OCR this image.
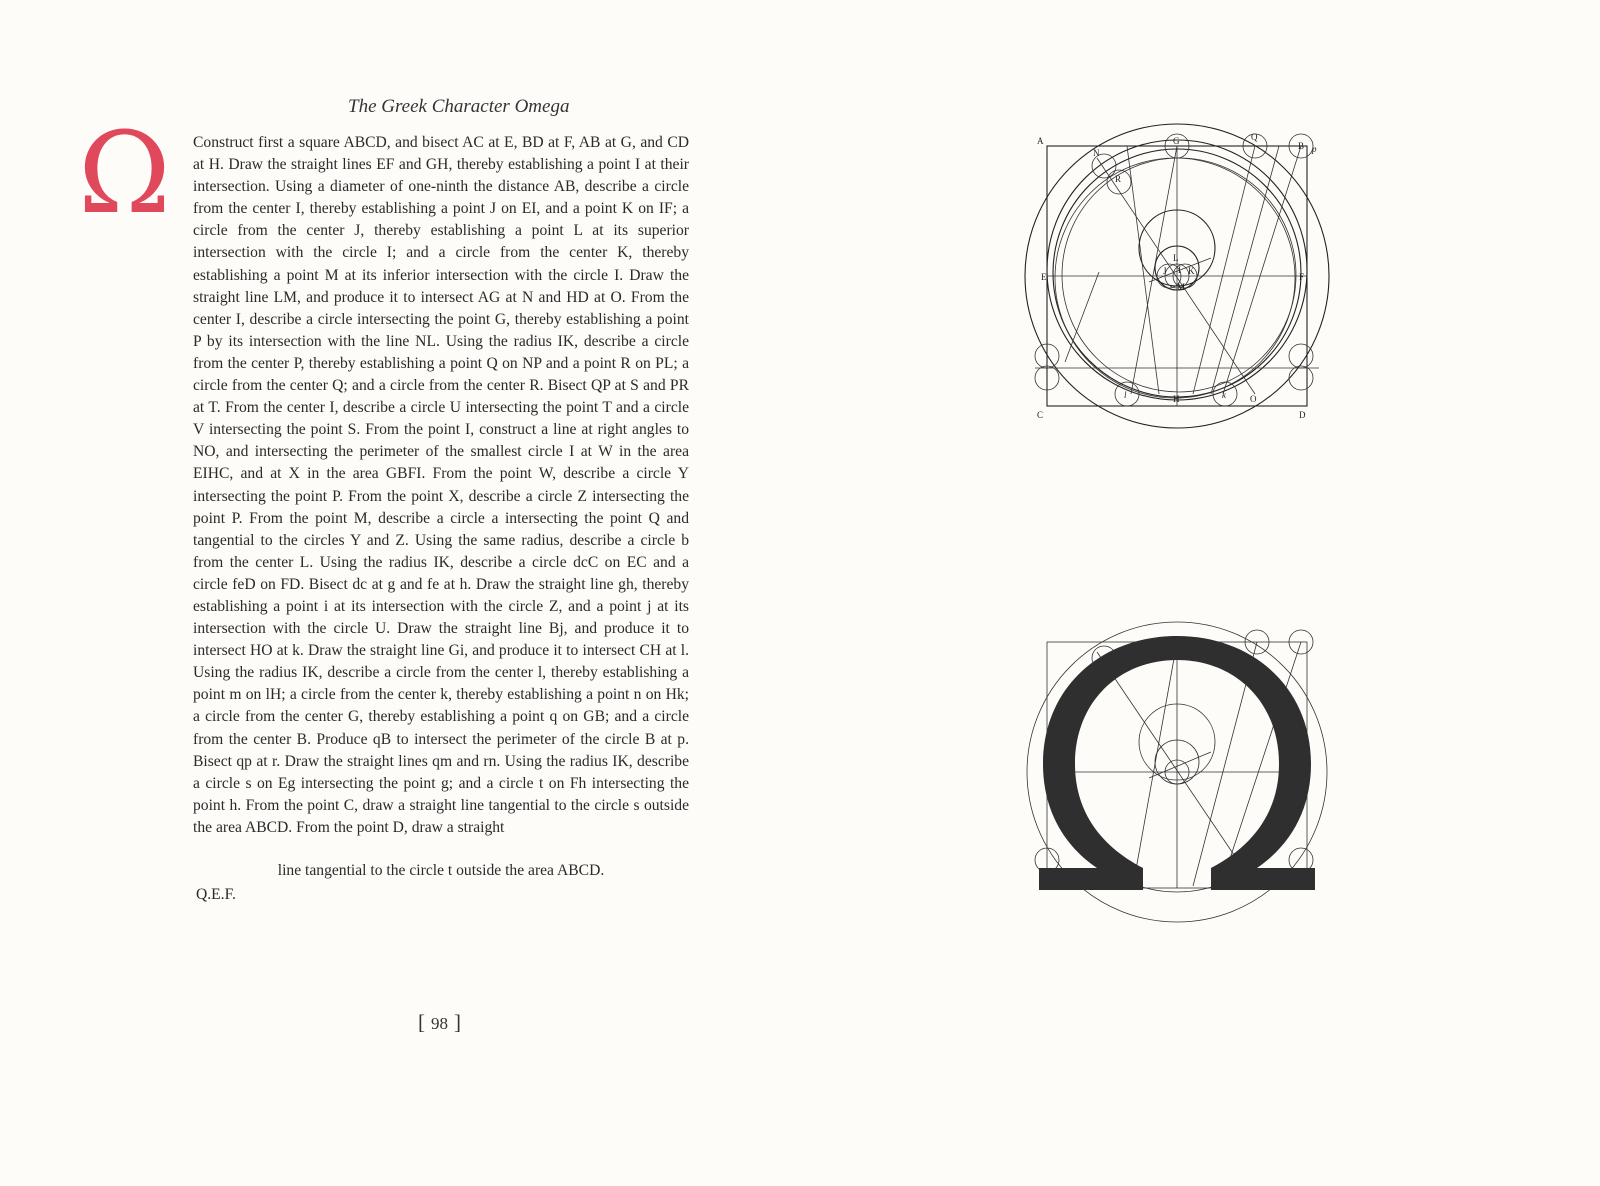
The Greek Character Omega
Ω Construct first a square ABCD, and bisect AC at E, BD at F, AB at G, and CD at H. Draw the straight lines EF and GH, thereby establishing a point I at their intersection. Using a diameter of one-ninth the distance AB, describe a circle from the center I, thereby establishing a point J on EI, and a point K on IF; a circle from the center J, thereby establishing a point L at its superior intersection with the circle I; and a circle from the center K, thereby establishing a point M at its inferior intersection with the circle I. Draw the straight line LM, and produce it to intersect AG at N and HD at O. From the center I, describe a circle intersecting the point G, thereby establishing a point P by its intersection with the line NL. Using the radius IK, describe a circle from the center P, thereby establishing a point Q on NP and a point R on PL; a circle from the center Q; and a circle from the center R. Bisect QP at S and PR at T. From the center I, describe a circle U intersecting the point T and a circle V intersecting the point S. From the point I, construct a line at right angles to NO, and intersecting the perimeter of the smallest circle I at W in the area EIHC, and at X in the area GBFI. From the point W, describe a circle Y intersecting the point P. From the point X, describe a circle Z intersecting the point P. From the point M, describe a circle a intersecting the point Q and tangential to the circles Y and Z. Using the same radius, describe a circle b from the center L. Using the radius IK, describe a circle dcC on EC and a circle feD on FD. Bisect dc at g and fe at h. Draw the straight line gh, thereby establishing a point i at its intersection with the circle Z, and a point j at its intersection with the circle U. Draw the straight line Bj, and produce it to intersect HO at k. Draw the straight line Gi, and produce it to intersect CH at l. Using the radius IK, describe a circle from the center l, thereby establishing a point m on lH; a circle from the center k, thereby establishing a point n on Hk; a circle from the center G, thereby establishing a point q on GB; and a circle from the center B. Produce qB to intersect the perimeter of the circle B at p. Bisect qp at r. Draw the straight lines qm and rn. Using the radius IK, describe a circle s on Eg intersecting the point g; and a circle t on Fh intersecting the point h. From the point C, draw a straight line tangential to the circle s outside the area ABCD. From the point D, draw a straight

line tangential to the circle t outside the area ABCD.
Q.E.F.
[ 98 ]
A	B p
C	D
E	F
G
H
I
J K
L
M
N
O
Q
R
k
l
